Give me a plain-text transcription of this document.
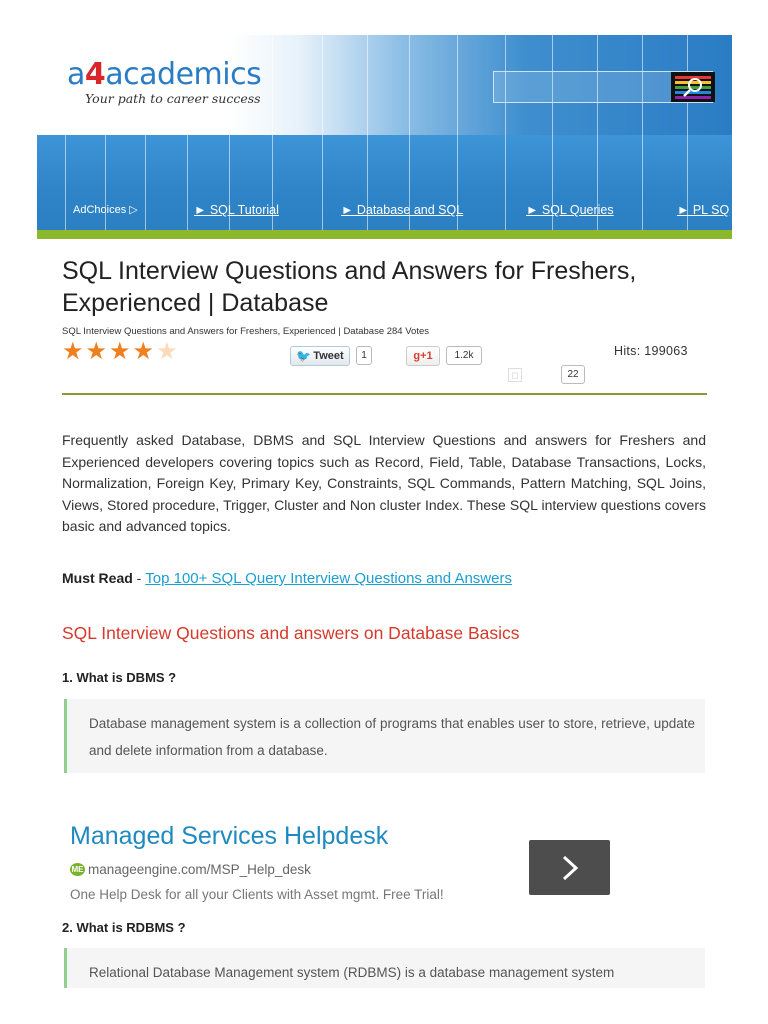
a4academics
Your path to career success
AdChoices ▷	► SQL Tutorial	► Database and SQL	► SQL Queries	► PL SQ
SQL Interview Questions and Answers for Freshers, Experienced | Database
SQL Interview Questions and Answers for Freshers, Experienced | Database 284 Votes
★ ★ ★ ★ ★	🐦 Tweet	1	g+1	1.2k	Hits: 199063
◻	22
Frequently asked Database, DBMS and SQL Interview Questions and answers for Freshers and Experienced developers covering topics such as Record, Field, Table, Database Transactions, Locks, Normalization, Foreign Key, Primary Key, Constraints, SQL Commands, Pattern Matching, SQL Joins, Views, Stored procedure, Trigger, Cluster and Non cluster Index. These SQL interview questions covers basic and advanced topics.
Must Read - Top 100+ SQL Query Interview Questions and Answers
SQL Interview Questions and answers on Database Basics
1. What is DBMS ?
Database management system is a collection of programs that enables user to store, retrieve, update and delete information from a database.
Managed Services Helpdesk
ME manageengine.com/MSP_Help_desk
One Help Desk for all your Clients with Asset mgmt. Free Trial!
2. What is RDBMS ?
Relational Database Management system (RDBMS) is a database management system
